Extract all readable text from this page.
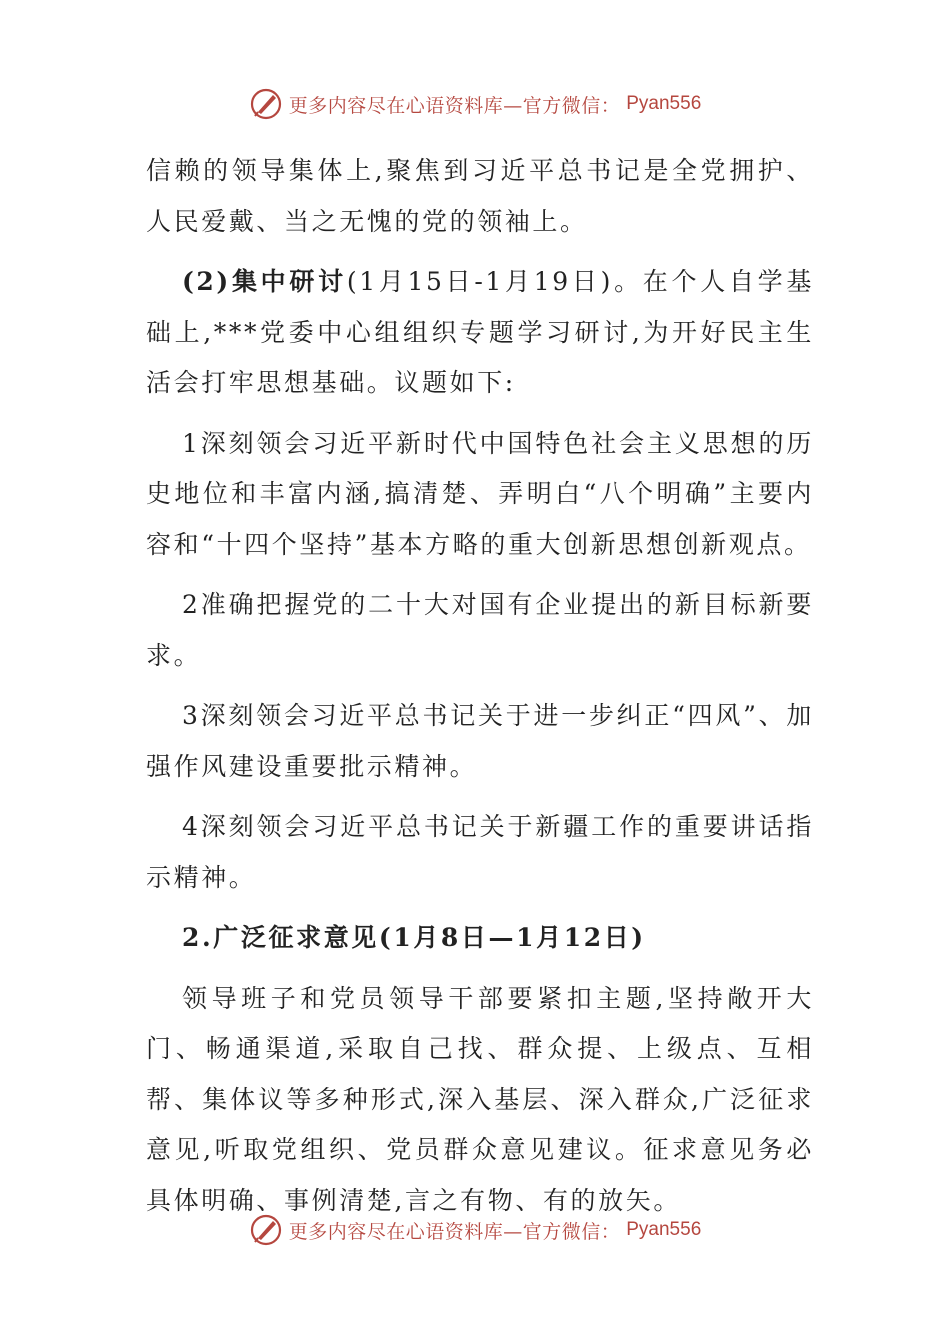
更多内容尽在心语资料库—官方微信： Pyan556

信赖的领导集体上,聚焦到习近平总书记是全党拥护、人民爱戴、当之无愧的党的领袖上。

(2)集中研讨(1月15日-1月19日)。在个人自学基础上,***党委中心组组织专题学习研讨,为开好民主生活会打牢思想基础。议题如下:

1深刻领会习近平新时代中国特色社会主义思想的历史地位和丰富内涵,搞清楚、弄明白“八个明确”主要内容和“十四个坚持”基本方略的重大创新思想创新观点。

2准确把握党的二十大对国有企业提出的新目标新要求。

3深刻领会习近平总书记关于进一步纠正“四风”、加强作风建设重要批示精神。

4深刻领会习近平总书记关于新疆工作的重要讲话指示精神。

2.广泛征求意见(1月8日—1月12日)

领导班子和党员领导干部要紧扣主题,坚持敞开大门、畅通渠道,采取自己找、群众提、上级点、互相帮、集体议等多种形式,深入基层、深入群众,广泛征求意见,听取党组织、党员群众意见建议。征求意见务必具体明确、事例清楚,言之有物、有的放矢。

更多内容尽在心语资料库—官方微信： Pyan556
